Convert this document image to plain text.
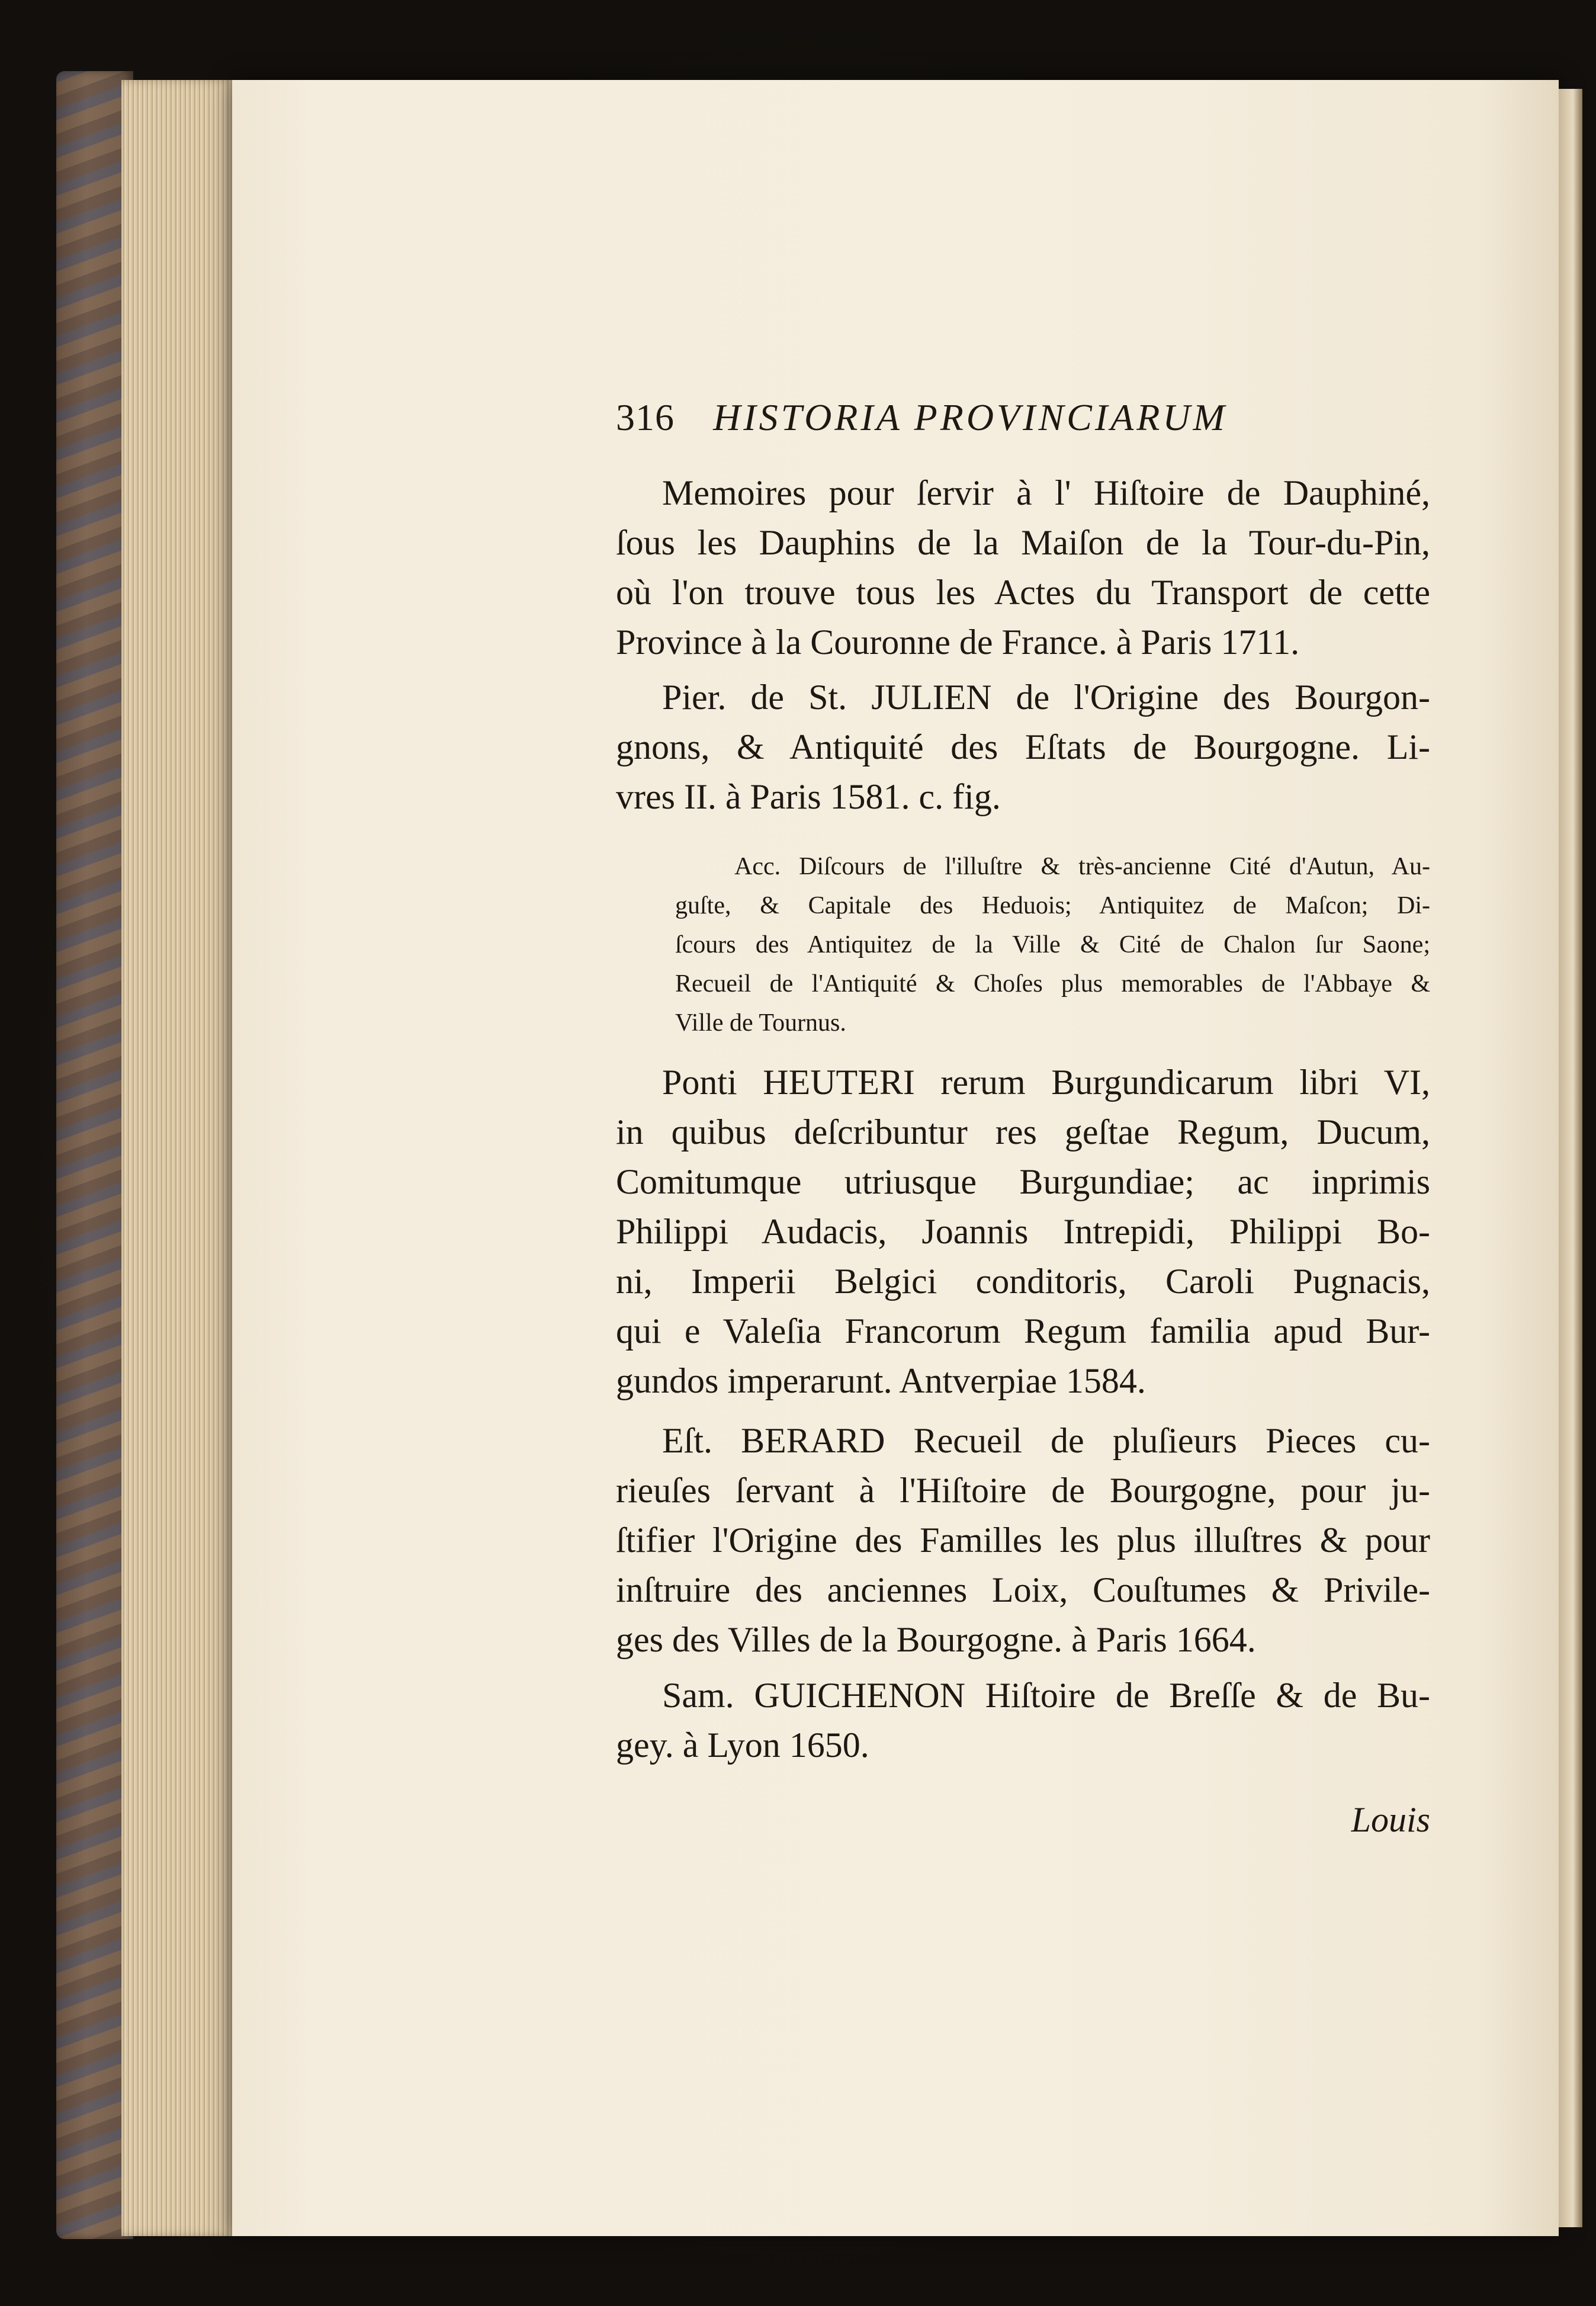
316 HISTORIA PROVINCIARUM
Memoires pour ſervir à l' Hiſtoire de Dauphiné,
ſous les Dauphins de la Maiſon de la Tour-du-Pin,
où l'on trouve tous les Actes du Transport de cette
Province à la Couronne de France. à Paris 1711.
Pier. de St. JULIEN de l'Origine des Bourgon-
gnons, & Antiquité des Eſtats de Bourgogne. Li-
vres II. à Paris 1581. c. fig.
Acc. Diſcours de l'illuſtre & très-ancienne Cité d'Autun, Au-
guſte, & Capitale des Heduois; Antiquitez de Maſcon; Di-
ſcours des Antiquitez de la Ville & Cité de Chalon ſur Saone;
Recueil de l'Antiquité & Choſes plus memorables de l'Abbaye &
Ville de Tournus.
Ponti HEUTERI rerum Burgundicarum libri VI,
in quibus deſcribuntur res geſtae Regum, Ducum,
Comitumque utriusque Burgundiae; ac inprimis
Philippi Audacis, Joannis Intrepidi, Philippi Bo-
ni, Imperii Belgici conditoris, Caroli Pugnacis,
qui e Valeſia Francorum Regum familia apud Bur-
gundos imperarunt. Antverpiae 1584.
Eſt. BERARD Recueil de pluſieurs Pieces cu-
rieuſes ſervant à l'Hiſtoire de Bourgogne, pour ju-
ſtifier l'Origine des Familles les plus illuſtres & pour
inſtruire des anciennes Loix, Couſtumes & Privile-
ges des Villes de la Bourgogne. à Paris 1664.
Sam. GUICHENON Hiſtoire de Breſſe & de Bu-
gey. à Lyon 1650.
Louis
